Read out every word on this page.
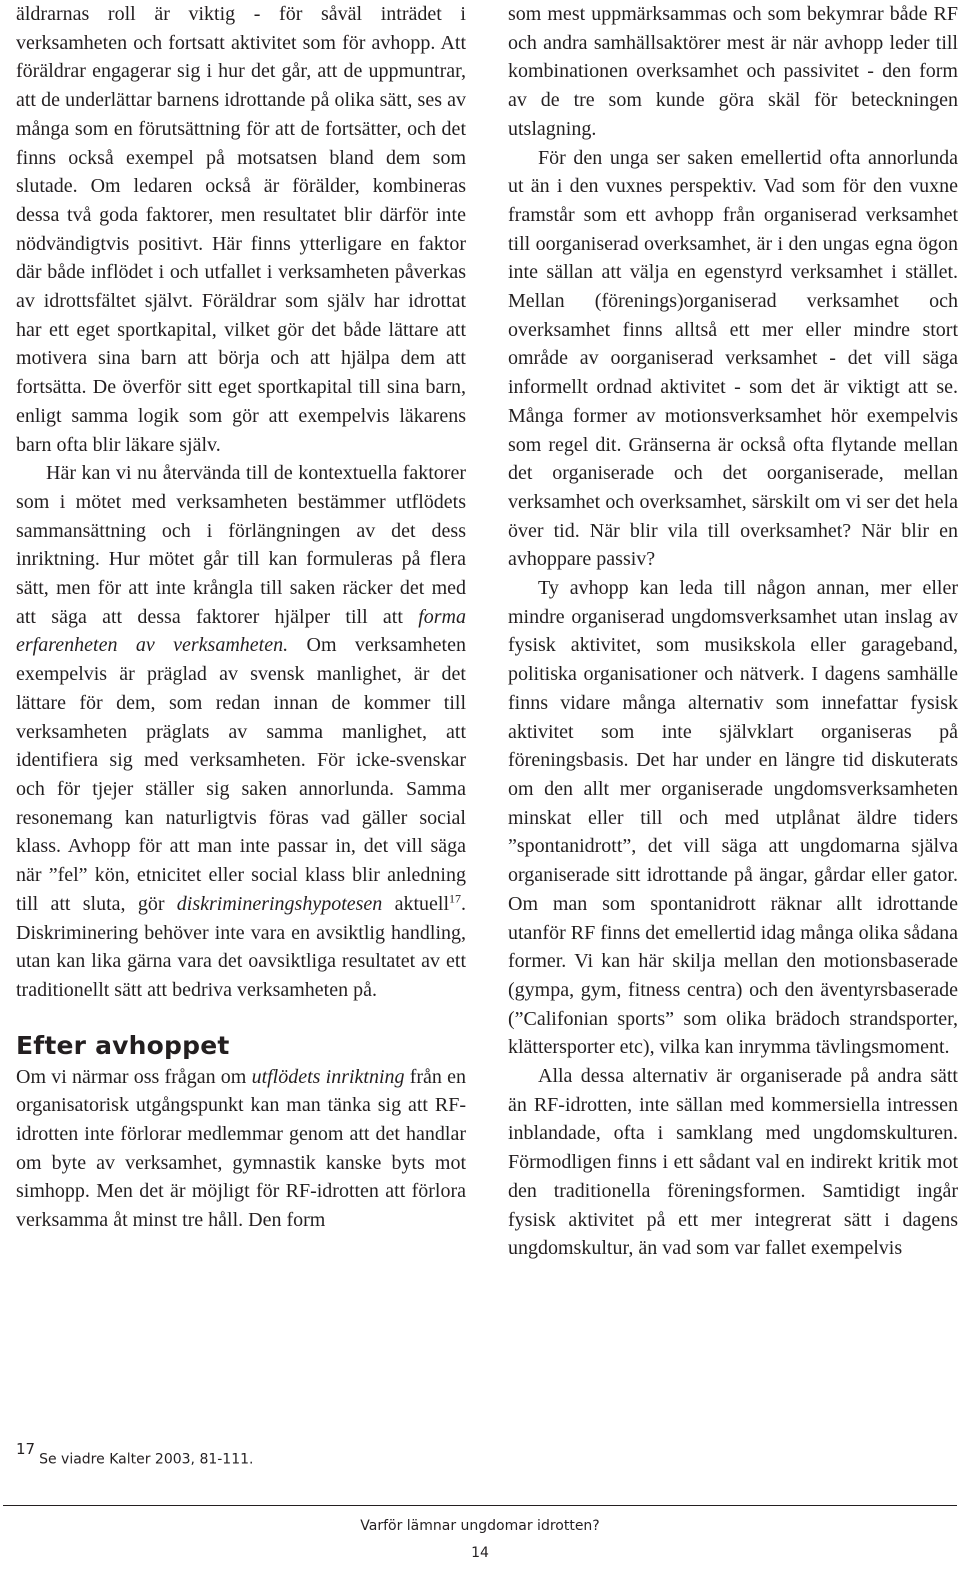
äldrarnas roll är viktig - för såväl inträdet i verksamheten och fortsatt aktivitet som för avhopp. Att föräldrar engagerar sig i hur det går, att de uppmuntrar, att de underlättar barnens idrottande på olika sätt, ses av många som en förutsättning för att de fortsätter, och det finns också exempel på motsatsen bland dem som slutade. Om ledaren också är förälder, kombineras dessa två goda faktorer, men resultatet blir därför inte nödvändigtvis positivt. Här finns ytterligare en faktor där både inflödet i och utfallet i verksamheten påverkas av idrottsfältet självt. Föräldrar som själv har idrottat har ett eget sportkapital, vilket gör det både lättare att motivera sina barn att börja och att hjälpa dem att fortsätta. De överför sitt eget sportkapital till sina barn, enligt samma logik som gör att exempelvis läkarens barn ofta blir läkare själv.

Här kan vi nu återvända till de kontextuella faktorer som i mötet med verksamheten bestämmer utflödets sammansättning och i förlängningen av det dess inriktning. Hur mötet går till kan formuleras på flera sätt, men för att inte krångla till saken räcker det med att säga att dessa faktorer hjälper till att forma erfarenheten av verksamheten. Om verksamheten exempelvis är präglad av svensk manlighet, är det lättare för dem, som redan innan de kommer till verksamheten präglats av samma manlighet, att identifiera sig med verksamheten. För icke-svenskar och för tjejer ställer sig saken annorlunda. Samma resonemang kan naturligtvis föras vad gäller social klass. Avhopp för att man inte passar in, det vill säga när ”fel” kön, etnicitet eller social klass blir anledning till att sluta, gör diskrimineringshypotesen aktuell$^{17}$. Diskriminering behöver inte vara en avsiktlig handling, utan kan lika gärna vara det oavsiktliga resultatet av ett traditionellt sätt att bedriva verksamheten på.

Efter avhoppet

Om vi närmar oss frågan om utflödets inriktning från en organisatorisk utgångspunkt kan man tänka sig att RF-idrotten inte förlorar medlemmar genom att det handlar om byte av verksamhet, gymnastik kanske byts mot simhopp. Men det är möjligt för RF-idrotten att förlora verksamma åt minst tre håll. Den form

som mest uppmärksammas och som bekymrar både RF och andra samhällsaktörer mest är när avhopp leder till kombinationen overksamhet och passivitet - den form av de tre som kunde göra skäl för beteckningen utslagning.

För den unga ser saken emellertid ofta annorlunda ut än i den vuxnes perspektiv. Vad som för den vuxne framstår som ett avhopp från organiserad verksamhet till oorganiserad overksamhet, är i den ungas egna ögon inte sällan att välja en egenstyrd verksamhet i stället. Mellan (förenings)organiserad verksamhet och overksamhet finns alltså ett mer eller mindre stort område av oorganiserad verksamhet - det vill säga informellt ordnad aktivitet - som det är viktigt att se. Många former av motionsverksamhet hör exempelvis som regel dit. Gränserna är också ofta flytande mellan det organiserade och det oorganiserade, mellan verksamhet och overksamhet, särskilt om vi ser det hela över tid. När blir vila till overksamhet? När blir en avhoppare passiv?

Ty avhopp kan leda till någon annan, mer eller mindre organiserad ungdomsverksamhet utan inslag av fysisk aktivitet, som musikskola eller garageband, politiska organisationer och nätverk. I dagens samhälle finns vidare många alternativ som innefattar fysisk aktivitet som inte självklart organiseras på föreningsbasis. Det har under en längre tid diskuterats om den allt mer organiserade ungdomsverksamheten minskat eller till och med utplånat äldre tiders ”spontanidrott”, det vill säga att ungdomarna själva organiserade sitt idrottande på ängar, gårdar eller gator. Om man som spontanidrott räknar allt idrottande utanför RF finns det emellertid idag många olika sådana former. Vi kan här skilja mellan den motionsbaserade (gympa, gym, fitness centra) och den äventyrsbaserade (”Califonian sports” som olika brädoch strandsporter, klättersporter etc), vilka kan inrymma tävlingsmoment.

Alla dessa alternativ är organiserade på andra sätt än RF-idrotten, inte sällan med kommersiella intressen inblandade, ofta i samklang med ungdomskulturen. Förmodligen finns i ett sådant val en indirekt kritik mot den traditionella föreningsformen. Samtidigt ingår fysisk aktivitet på ett mer integrerat sätt i dagens ungdomskultur, än vad som var fallet exempelvis

17Se viadre Kalter 2003, 81-111.
Varför lämnar ungdomar idrotten?
14
